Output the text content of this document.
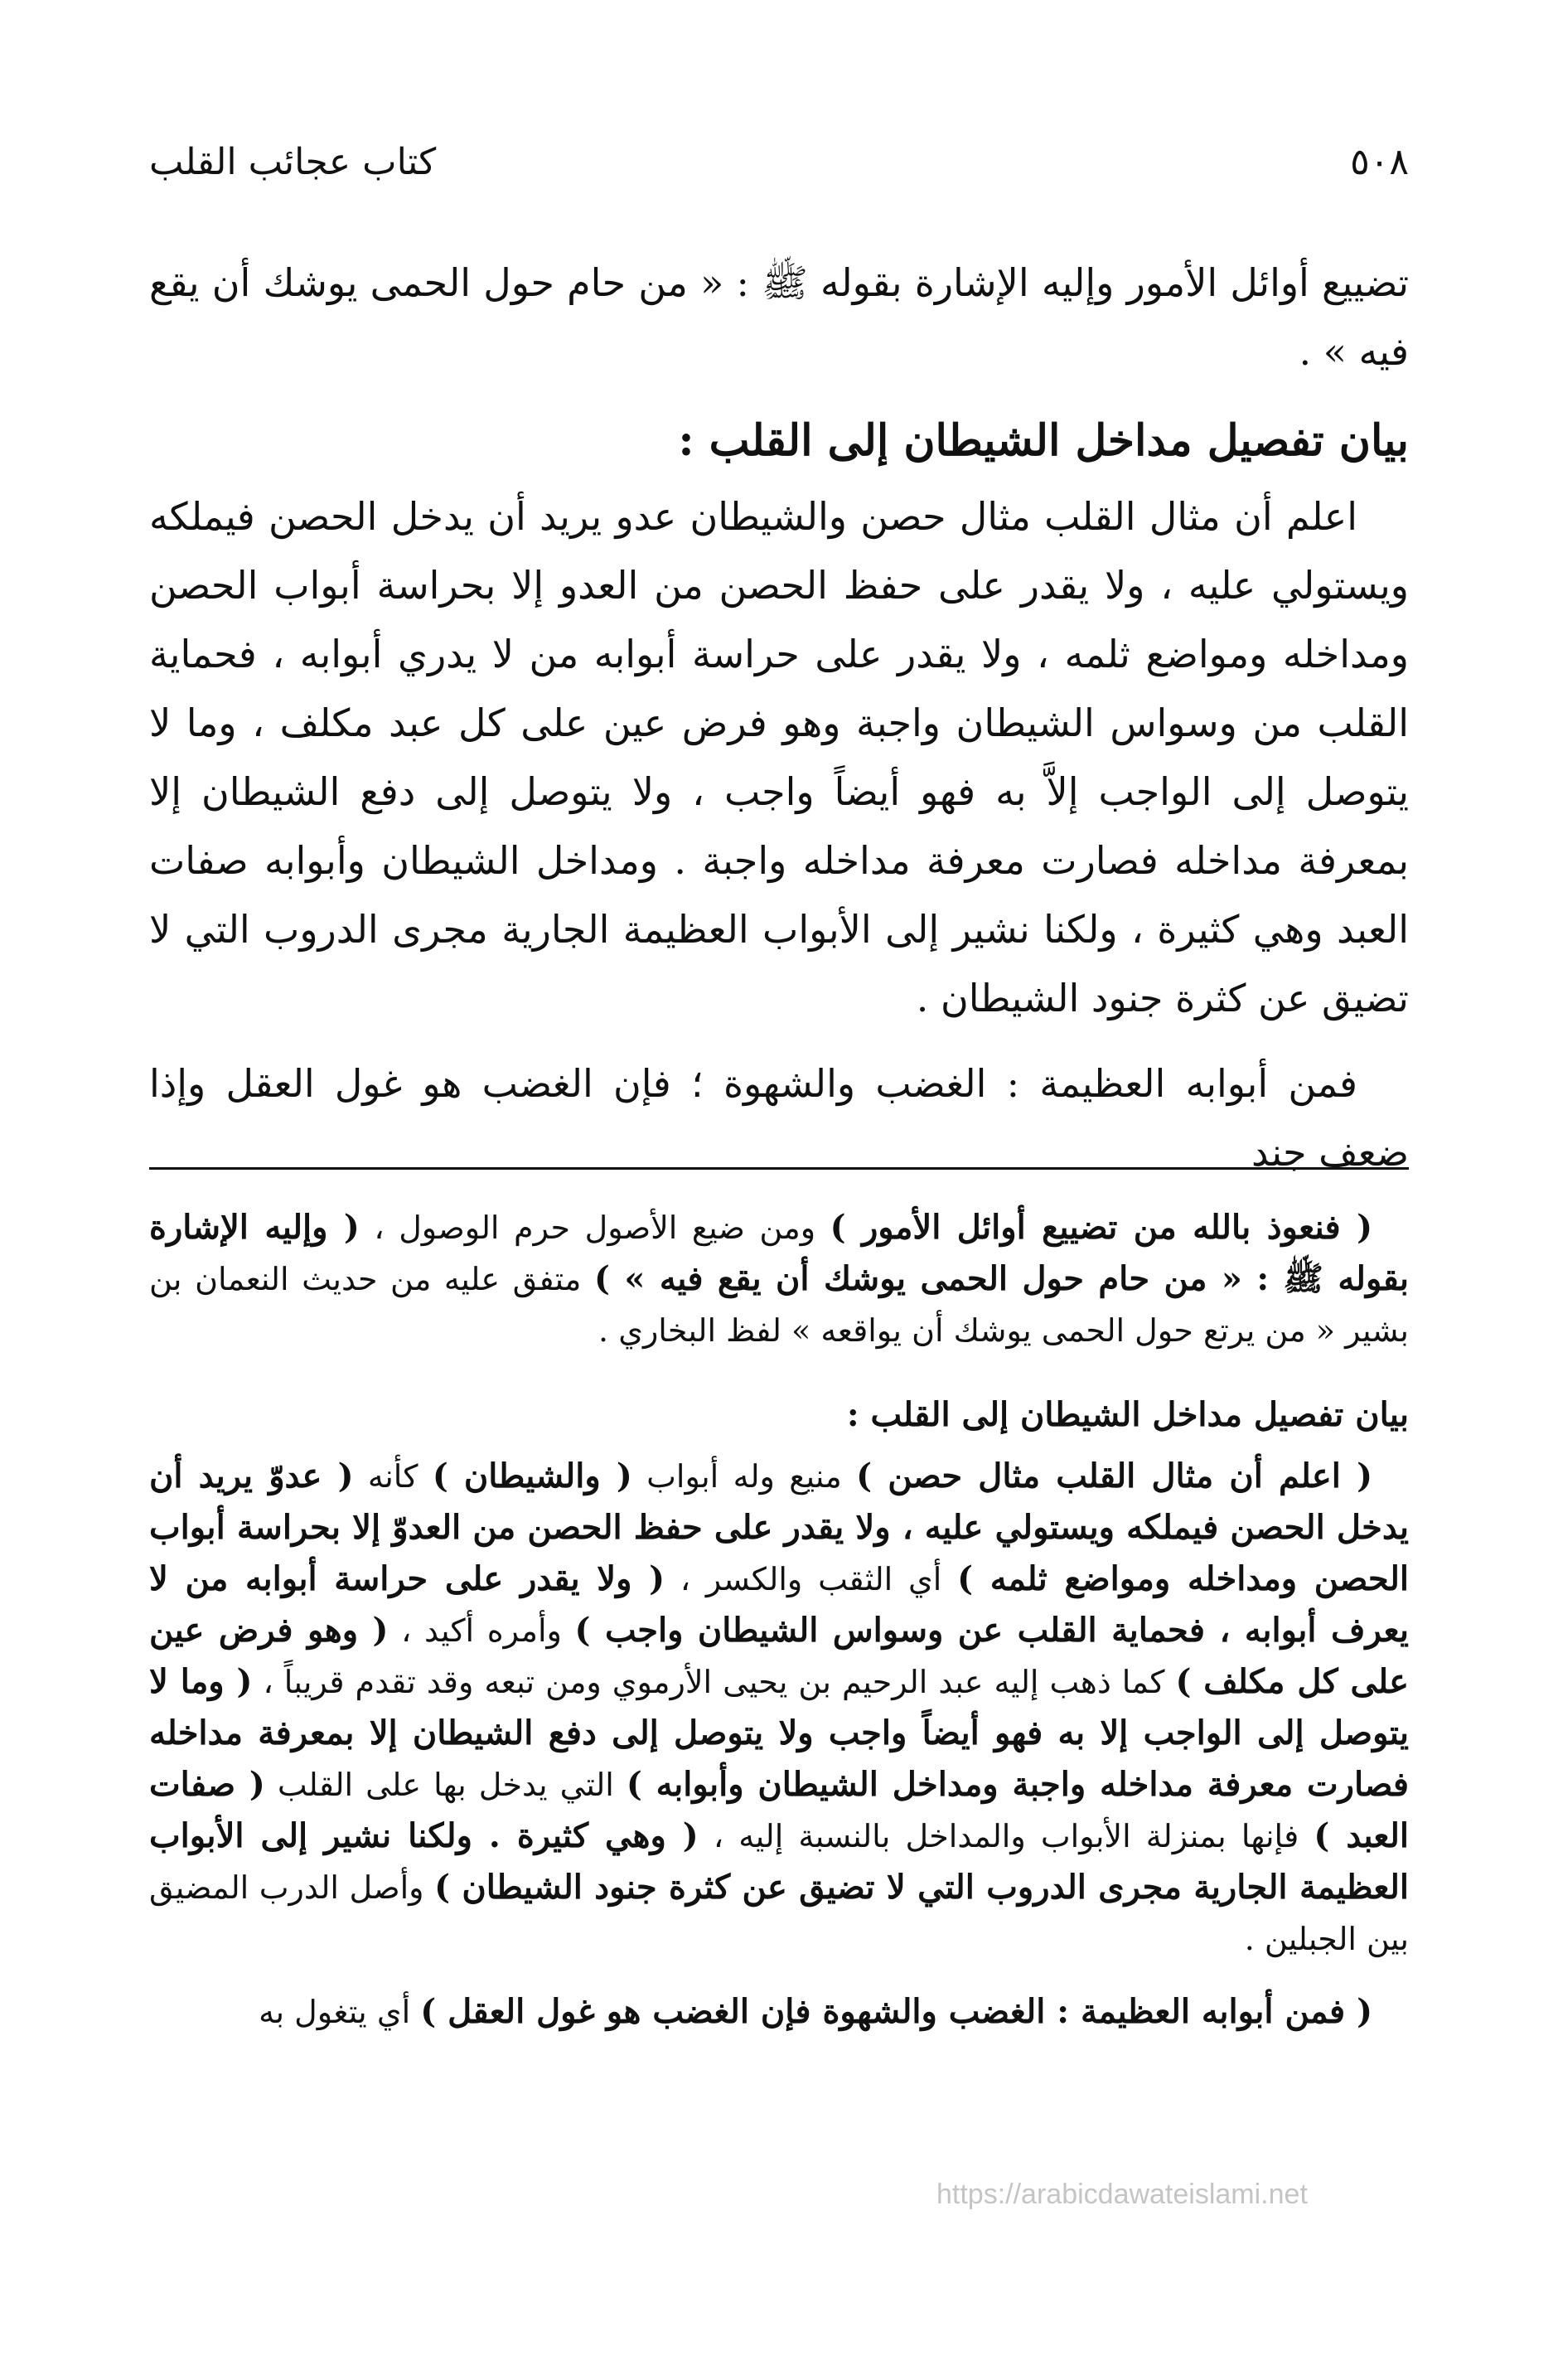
٥٠٨
كتاب عجائب القلب

تضييع أوائل الأمور وإليه الإشارة بقوله ﷺ : « من حام حول الحمى يوشك أن يقع فيه » .

بيان تفصيل مداخل الشيطان إلى القلب :

اعلم أن مثال القلب مثال حصن والشيطان عدو يريد أن يدخل الحصن فيملكه ويستولي عليه ، ولا يقدر على حفظ الحصن من العدو إلا بحراسة أبواب الحصن ومداخله ومواضع ثلمه ، ولا يقدر على حراسة أبوابه من لا يدري أبوابه ، فحماية القلب من وسواس الشيطان واجبة وهو فرض عين على كل عبد مكلف ، وما لا يتوصل إلى الواجب إلاَّ به فهو أيضاً واجب ، ولا يتوصل إلى دفع الشيطان إلا بمعرفة مداخله فصارت معرفة مداخله واجبة . ومداخل الشيطان وأبوابه صفات العبد وهي كثيرة ، ولكنا نشير إلى الأبواب العظيمة الجارية مجرى الدروب التي لا تضيق عن كثرة جنود الشيطان .

فمن أبوابه العظيمة : الغضب والشهوة ؛ فإن الغضب هو غول العقل وإذا ضعف جند

( فنعوذ بالله من تضييع أوائل الأمور ) ومن ضيع الأصول حرم الوصول ، ( وإليه الإشارة بقوله ﷺ : « من حام حول الحمى يوشك أن يقع فيه » ) متفق عليه من حديث النعمان بن بشير « من يرتع حول الحمى يوشك أن يواقعه » لفظ البخاري .

بيان تفصيل مداخل الشيطان إلى القلب :

( اعلم أن مثال القلب مثال حصن ) منيع وله أبواب ( والشيطان ) كأنه ( عدوّ يريد أن يدخل الحصن فيملكه ويستولي عليه ، ولا يقدر على حفظ الحصن من العدوّ إلا بحراسة أبواب الحصن ومداخله ومواضع ثلمه ) أي الثقب والكسر ، ( ولا يقدر على حراسة أبوابه من لا يعرف أبوابه ، فحماية القلب عن وسواس الشيطان واجب ) وأمره أكيد ، ( وهو فرض عين على كل مكلف ) كما ذهب إليه عبد الرحيم بن يحيى الأرموي ومن تبعه وقد تقدم قريباً ، ( وما لا يتوصل إلى الواجب إلا به فهو أيضاً واجب ولا يتوصل إلى دفع الشيطان إلا بمعرفة مداخله فصارت معرفة مداخله واجبة ومداخل الشيطان وأبوابه ) التي يدخل بها على القلب ( صفات العبد ) فإنها بمنزلة الأبواب والمداخل بالنسبة إليه ، ( وهي كثيرة . ولكنا نشير إلى الأبواب العظيمة الجارية مجرى الدروب التي لا تضيق عن كثرة جنود الشيطان ) وأصل الدرب المضيق بين الجبلين .

( فمن أبوابه العظيمة : الغضب والشهوة فإن الغضب هو غول العقل ) أي يتغول به

https://arabicdawateislami.net
